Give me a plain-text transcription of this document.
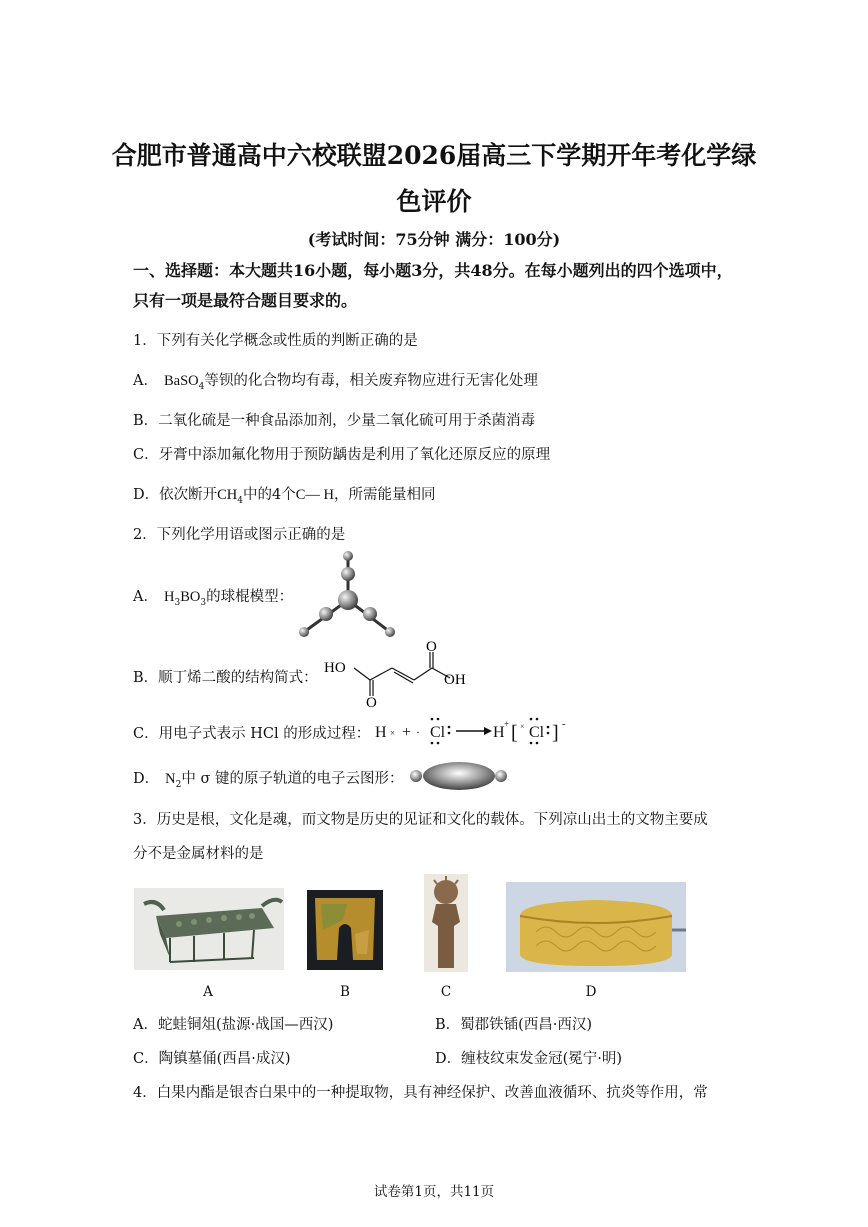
合肥市普通高中六校联盟2026届高三下学期开年考化学绿
色评价
(考试时间：75分钟 满分：100分)
一、选择题：本大题共16小题，每小题3分，共48分。在每小题列出的四个选项中，只有一项是最符合题目要求的。
1．下列有关化学概念或性质的判断正确的是
A． BaSO$_4$等钡的化合物均有毒，相关废弃物应进行无害化处理
B．二氧化硫是一种食品添加剂，少量二氧化硫可用于杀菌消毒
C．牙膏中添加氟化物用于预防龋齿是利用了氧化还原反应的原理
D．依次断开$CH_4$中的4个C— H，所需能量相同
2．下列化学用语或图示正确的是
A． $H_3BO_3$的球棍模型：
B．顺丁烯二酸的结构简式：
HO
O
O
OH
C．用电子式表示 HCl 的形成过程： H × + · Cl	H + [ × Cl ] -
D． $N_2$中 σ 键的原子轨道的电子云图形：
3．历史是根，文化是魂，而文物是历史的见证和文化的载体。下列凉山出土的文物主要成
分不是金属材料的是
A	B	C	D
A．蛇蛙铜俎(盐源·战国—西汉)	B．蜀郡铁锸(西昌·西汉)
C．陶镇墓俑(西昌·成汉)	D．缠枝纹束发金冠(冕宁·明)
4．白果内酯是银杏白果中的一种提取物，具有神经保护、改善血液循环、抗炎等作用，常
试卷第1页，共11页
